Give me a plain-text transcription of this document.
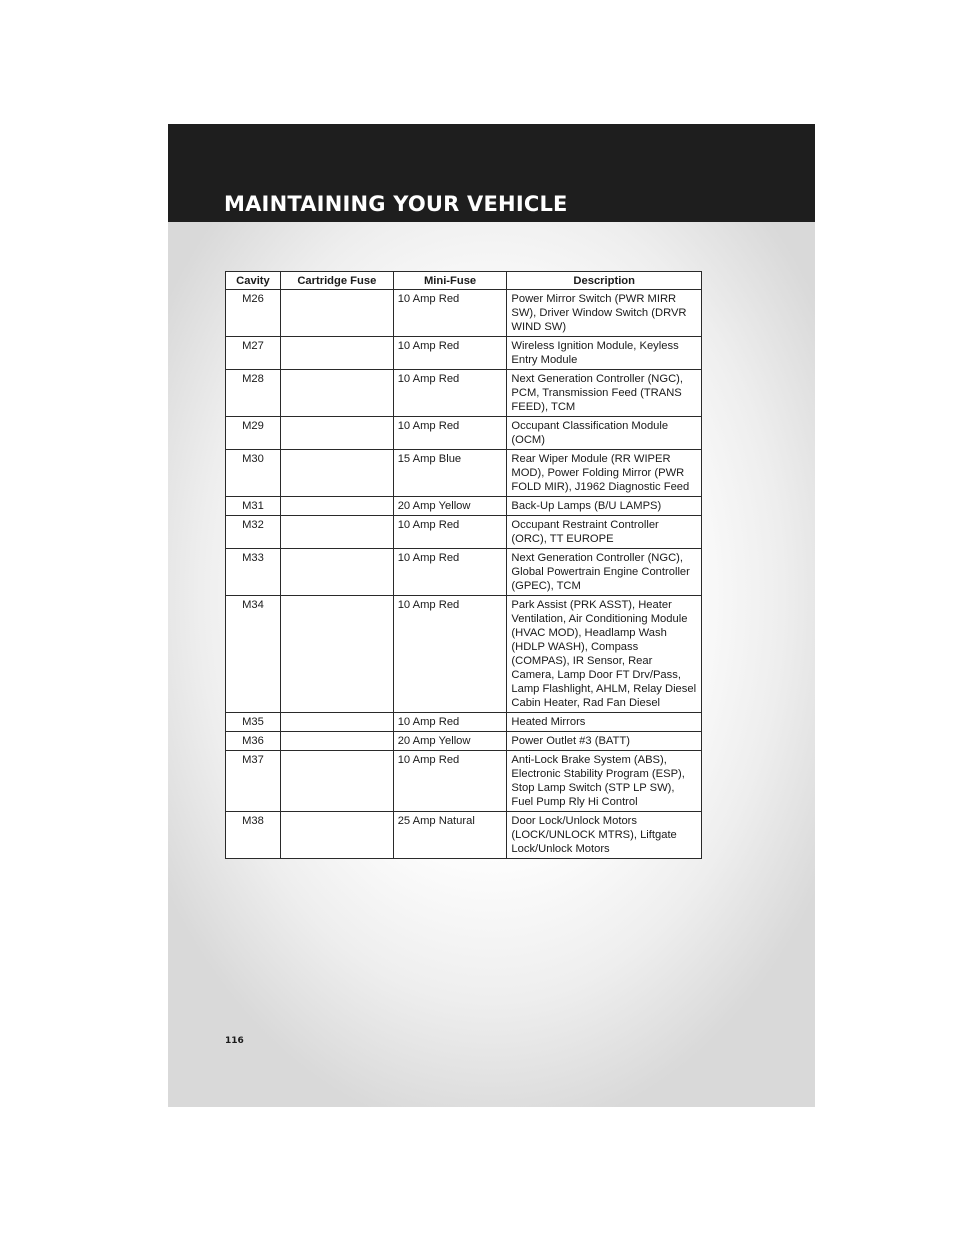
MAINTAINING YOUR VEHICLE
Cavity	Cartridge Fuse	Mini-Fuse	Description
M26		10 Amp Red	Power Mirror Switch (PWR MIRR SW), Driver Window Switch (DRVR WIND SW)
M27		10 Amp Red	Wireless Ignition Module, Keyless Entry Module
M28		10 Amp Red	Next Generation Controller (NGC), PCM, Transmission Feed (TRANS FEED), TCM
M29		10 Amp Red	Occupant Classification Module (OCM)
M30		15 Amp Blue	Rear Wiper Module (RR WIPER MOD), Power Folding Mirror (PWR FOLD MIR), J1962 Diagnostic Feed
M31		20 Amp Yellow	Back-Up Lamps (B/U LAMPS)
M32		10 Amp Red	Occupant Restraint Controller (ORC), TT EUROPE
M33		10 Amp Red	Next Generation Controller (NGC), Global Powertrain Engine Controller (GPEC), TCM
M34		10 Amp Red	Park Assist (PRK ASST), Heater Ventilation, Air Conditioning Module (HVAC MOD), Headlamp Wash (HDLP WASH), Compass (COMPAS), IR Sensor, Rear Camera, Lamp Door FT Drv/Pass, Lamp Flashlight, AHLM, Relay Diesel Cabin Heater, Rad Fan Diesel
M35		10 Amp Red	Heated Mirrors
M36		20 Amp Yellow	Power Outlet #3 (BATT)
M37		10 Amp Red	Anti-Lock Brake System (ABS), Electronic Stability Program (ESP), Stop Lamp Switch (STP LP SW), Fuel Pump Rly Hi Control
M38		25 Amp Natural	Door Lock/Unlock Motors (LOCK/UNLOCK MTRS), Liftgate Lock/Unlock Motors
116
